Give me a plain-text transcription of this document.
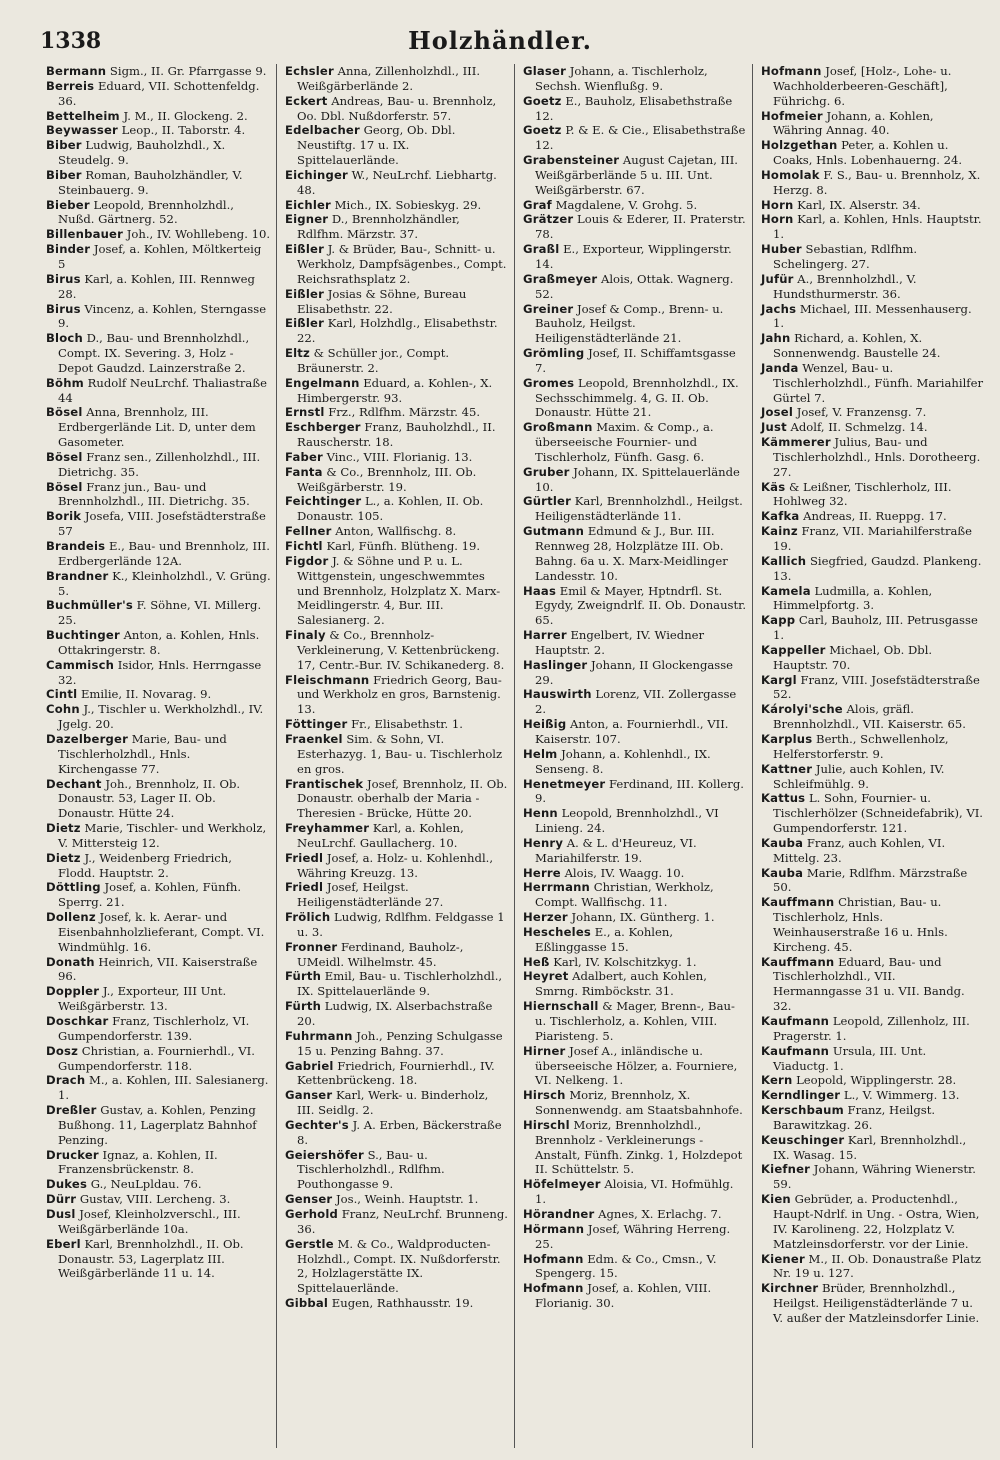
1338	Holzhändler.

Bermann Sigm., II. Gr. Pfarrgasse 9.

Berreis Eduard, VII. Schottenfeldg. 36.

Bettelheim J. M., II. Glockeng. 2.

Beywasser Leop., II. Taborstr. 4.

Biber Ludwig, Bauholzhdl., X. Steudelg. 9.

Biber Roman, Bauholzhändler, V. Steinbauerg. 9.

Bieber Leopold, Brennholzhdl., Nußd. Gärtnerg. 52.

Billenbauer Joh., IV. Wohllebeng. 10.

Binder Josef, a. Kohlen, Möltkerteig 5

Birus Karl, a. Kohlen, III. Rennweg 28.

Birus Vincenz, a. Kohlen, Sterngasse 9.

Bloch D., Bau- und Brennholzhdl., Compt. IX. Severing. 3, Holz - Depot Gaudzd. Lainzerstraße 2.

Böhm Rudolf NeuLrchf. Thaliastraße 44

Bösel Anna, Brennholz, III. Erdbergerlände Lit. D, unter dem Gasometer.

Bösel Franz sen., Zillenholzhdl., III. Dietrichg. 35.

Bösel Franz jun., Bau- und Brennholzhdl., III. Dietrichg. 35.

Borik Josefa, VIII. Josefstädterstraße 57

Brandeis E., Bau- und Brennholz, III. Erdbergerlände 12A.

Brandner K., Kleinholzhdl., V. Grüng. 5.

Buchmüller's F. Söhne, VI. Millerg. 25.

Buchtinger Anton, a. Kohlen, Hnls. Ottakringerstr. 8.

Cammisch Isidor, Hnls. Herrngasse 32.

Cintl Emilie, II. Novarag. 9.

Cohn J., Tischler u. Werkholzhdl., IV. Jgelg. 20.

Dazelberger Marie, Bau- und Tischlerholzhdl., Hnls. Kirchengasse 77.

Dechant Joh., Brennholz, II. Ob. Donaustr. 53, Lager II. Ob. Donaustr. Hütte 24.

Dietz Marie, Tischler- und Werkholz, V. Mittersteig 12.

Dietz J., Weidenberg Friedrich, Flodd. Hauptstr. 2.

Döttling Josef, a. Kohlen, Fünfh. Sperrg. 21.

Dollenz Josef, k. k. Aerar- und Eisenbahnholzlieferant, Compt. VI. Windmühlg. 16.

Donath Heinrich, VII. Kaiserstraße 96.

Doppler J., Exporteur, III Unt. Weißgärberstr. 13.

Doschkar Franz, Tischlerholz, VI. Gumpendorferstr. 139.

Dosz Christian, a. Fournierhdl., VI. Gumpendorferstr. 118.

Drach M., a. Kohlen, III. Salesianerg. 1.

Dreßler Gustav, a. Kohlen, Penzing Bußhong. 11, Lagerplatz Bahnhof Penzing.

Drucker Ignaz, a. Kohlen, II. Franzensbrückenstr. 8.

Dukes G., NeuLpldau. 76.

Dürr Gustav, VIII. Lercheng. 3.

Dusl Josef, Kleinholzverschl., III. Weißgärberlände 10a.

Eberl Karl, Brennholzhdl., II. Ob. Donaustr. 53, Lagerplatz III. Weißgärberlände 11 u. 14.

Echsler Anna, Zillenholzhdl., III. Weißgärberlände 2.

Eckert Andreas, Bau- u. Brennholz, Oo. Dbl. Nußdorferstr. 57.

Edelbacher Georg, Ob. Dbl. Neustiftg. 17 u. IX. Spittelauerlände.

Eichinger W., NeuLrchf. Liebhartg. 48.

Eichler Mich., IX. Sobieskyg. 29.

Eigner D., Brennholzhändler, Rdlfhm. Märzstr. 37.

Eißler J. & Brüder, Bau-, Schnitt- u. Werkholz, Dampfsägenbes., Compt. Reichsrathsplatz 2.

Eißler Josias & Söhne, Bureau Elisabethstr. 22.

Eißler Karl, Holzhdlg., Elisabethstr. 22.

Eltz & Schüller jor., Compt. Bräunerstr. 2.

Engelmann Eduard, a. Kohlen-, X. Himbergerstr. 93.

Ernstl Frz., Rdlfhm. Märzstr. 45.

Eschberger Franz, Bauholzhdl., II. Rauscherstr. 18.

Faber Vinc., VIII. Florianig. 13.

Fanta & Co., Brennholz, III. Ob. Weißgärberstr. 19.

Feichtinger L., a. Kohlen, II. Ob. Donaustr. 105.

Fellner Anton, Wallfischg. 8.

Fichtl Karl, Fünfh. Blütheng. 19.

Figdor J. & Söhne und P. u. L. Wittgenstein, ungeschwemmtes und Brennholz, Holzplatz X. Marx-Meidlingerstr. 4, Bur. III. Salesianerg. 2.

Finaly & Co., Brennholz-Verkleinerung, V. Kettenbrückeng. 17, Centr.-Bur. IV. Schikanederg. 8.

Fleischmann Friedrich Georg, Bau- und Werkholz en gros, Barnstenig. 13.

Föttinger Fr., Elisabethstr. 1.

Fraenkel Sim. & Sohn, VI. Esterhazyg. 1, Bau- u. Tischlerholz en gros.

Frantischek Josef, Brennholz, II. Ob. Donaustr. oberhalb der Maria - Theresien - Brücke, Hütte 20.

Freyhammer Karl, a. Kohlen, NeuLrchf. Gaullacherg. 10.

Friedl Josef, a. Holz- u. Kohlenhdl., Währing Kreuzg. 13.

Friedl Josef, Heilgst. Heiligenstädterlände 27.

Frölich Ludwig, Rdlfhm. Feldgasse 1 u. 3.

Fronner Ferdinand, Bauholz-, UMeidl. Wilhelmstr. 45.

Fürth Emil, Bau- u. Tischlerholzhdl., IX. Spittelauerlände 9.

Fürth Ludwig, IX. Alserbachstraße 20.

Fuhrmann Joh., Penzing Schulgasse 15 u. Penzing Bahng. 37.

Gabriel Friedrich, Fournierhdl., IV. Kettenbrückeng. 18.

Ganser Karl, Werk- u. Binderholz, III. Seidlg. 2.

Gechter's J. A. Erben, Bäckerstraße 8.

Geiershöfer S., Bau- u. Tischlerholzhdl., Rdlfhm. Pouthongasse 9.

Genser Jos., Weinh. Hauptstr. 1.

Gerhold Franz, NeuLrchf. Brunneng. 36.

Gerstle M. & Co., Waldproducten-Holzhdl., Compt. IX. Nußdorferstr. 2, Holzlagerstätte IX. Spittelauerlände.

Gibbal Eugen, Rathhausstr. 19.

Glaser Johann, a. Tischlerholz, Sechsh. Wienflußg. 9.

Goetz E., Bauholz, Elisabethstraße 12.

Goetz P. & E. & Cie., Elisabethstraße 12.

Grabensteiner August Cajetan, III. Weißgärberlände 5 u. III. Unt. Weißgärberstr. 67.

Graf Magdalene, V. Grohg. 5.

Grätzer Louis & Ederer, II. Praterstr. 78.

Graßl E., Exporteur, Wipplingerstr. 14.

Graßmeyer Alois, Ottak. Wagnerg. 52.

Greiner Josef & Comp., Brenn- u. Bauholz, Heilgst. Heiligenstädterlände 21.

Grömling Josef, II. Schiffamtsgasse 7.

Gromes Leopold, Brennholzhdl., IX. Sechsschimmelg. 4, G. II. Ob. Donaustr. Hütte 21.

Großmann Maxim. & Comp., a. überseeische Fournier- und Tischlerholz, Fünfh. Gasg. 6.

Gruber Johann, IX. Spittelauerlände 10.

Gürtler Karl, Brennholzhdl., Heilgst. Heiligenstädterlände 11.

Gutmann Edmund & J., Bur. III. Rennweg 28, Holzplätze III. Ob. Bahng. 6a u. X. Marx-Meidlinger Landesstr. 10.

Haas Emil & Mayer, Hptndrfl. St. Egydy, Zweigndrlf. II. Ob. Donaustr. 65.

Harrer Engelbert, IV. Wiedner Hauptstr. 2.

Haslinger Johann, II Glockengasse 29.

Hauswirth Lorenz, VII. Zollergasse 2.

Heißig Anton, a. Fournierhdl., VII. Kaiserstr. 107.

Helm Johann, a. Kohlenhdl., IX. Senseng. 8.

Henetmeyer Ferdinand, III. Kollerg. 9.

Henn Leopold, Brennholzhdl., VI Linieng. 24.

Henry A. & L. d'Heureuz, VI. Mariahilferstr. 19.

Herre Alois, IV. Waagg. 10.

Herrmann Christian, Werkholz, Compt. Wallfischg. 11.

Herzer Johann, IX. Güntherg. 1.

Hescheles E., a. Kohlen, Eßlinggasse 15.

Heß Karl, IV. Kolschitzkyg. 1.

Heyret Adalbert, auch Kohlen, Smrng. Rimböckstr. 31.

Hiernschall & Mager, Brenn-, Bau- u. Tischlerholz, a. Kohlen, VIII. Piaristeng. 5.

Hirner Josef A., inländische u. überseeische Hölzer, a. Fourniere, VI. Nelkeng. 1.

Hirsch Moriz, Brennholz, X. Sonnenwendg. am Staatsbahnhofe.

Hirschl Moriz, Brennholzhdl., Brennholz - Verkleinerungs - Anstalt, Fünfh. Zinkg. 1, Holzdepot II. Schüttelstr. 5.

Höfelmeyer Aloisia, VI. Hofmühlg. 1.

Hörandner Agnes, X. Erlachg. 7.

Hörmann Josef, Währing Herreng. 25.

Hofmann Edm. & Co., Cmsn., V. Spengerg. 15.

Hofmann Josef, a. Kohlen, VIII. Florianig. 30.

Hofmann Josef, [Holz-, Lohe- u. Wachholderbeeren-Geschäft], Führichg. 6.

Hofmeier Johann, a. Kohlen, Währing Annag. 40.

Holzgethan Peter, a. Kohlen u. Coaks, Hnls. Lobenhauerng. 24.

Homolak F. S., Bau- u. Brennholz, X. Herzg. 8.

Horn Karl, IX. Alserstr. 34.

Horn Karl, a. Kohlen, Hnls. Hauptstr. 1.

Huber Sebastian, Rdlfhm. Schelingerg. 27.

Jufür A., Brennholzhdl., V. Hundsthurmerstr. 36.

Jachs Michael, III. Messenhauserg. 1.

Jahn Richard, a. Kohlen, X. Sonnenwendg. Baustelle 24.

Janda Wenzel, Bau- u. Tischlerholzhdl., Fünfh. Mariahilfer Gürtel 7.

Josel Josef, V. Franzensg. 7.

Just Adolf, II. Schmelzg. 14.

Kämmerer Julius, Bau- und Tischlerholzhdl., Hnls. Dorotheerg. 27.

Käs & Leißner, Tischlerholz, III. Hohlweg 32.

Kafka Andreas, II. Rueppg. 17.

Kainz Franz, VII. Mariahilferstraße 19.

Kallich Siegfried, Gaudzd. Plankeng. 13.

Kamela Ludmilla, a. Kohlen, Himmelpfortg. 3.

Kapp Carl, Bauholz, III. Petrusgasse 1.

Kappeller Michael, Ob. Dbl. Hauptstr. 70.

Kargl Franz, VIII. Josefstädterstraße 52.

Károlyi'sche Alois, gräfl. Brennholzhdl., VII. Kaiserstr. 65.

Karplus Berth., Schwellenholz, Helferstorferstr. 9.

Kattner Julie, auch Kohlen, IV. Schleifmühlg. 9.

Kattus L. Sohn, Fournier- u. Tischlerhölzer (Schneidefabrik), VI. Gumpendorferstr. 121.

Kauba Franz, auch Kohlen, VI. Mittelg. 23.

Kauba Marie, Rdlfhm. Märzstraße 50.

Kauffmann Christian, Bau- u. Tischlerholz, Hnls. Weinhauserstraße 16 u. Hnls. Kircheng. 45.

Kauffmann Eduard, Bau- und Tischlerholzhdl., VII. Hermanngasse 31 u. VII. Bandg. 32.

Kaufmann Leopold, Zillenholz, III. Pragerstr. 1.

Kaufmann Ursula, III. Unt. Viaductg. 1.

Kern Leopold, Wipplingerstr. 28.

Kerndlinger L., V. Wimmerg. 13.

Kerschbaum Franz, Heilgst. Barawitzkag. 26.

Keuschinger Karl, Brennholzhdl., IX. Wasag. 15.

Kiefner Johann, Währing Wienerstr. 59.

Kien Gebrüder, a. Productenhdl., Haupt-Ndrlf. in Ung. - Ostra, Wien, IV. Karolineng. 22, Holzplatz V. Matzleinsdorferstr. vor der Linie.

Kiener M., II. Ob. Donaustraße Platz Nr. 19 u. 127.

Kirchner Brüder, Brennholzhdl., Heilgst. Heiligenstädterlände 7 u. V. außer der Matzleinsdorfer Linie.
